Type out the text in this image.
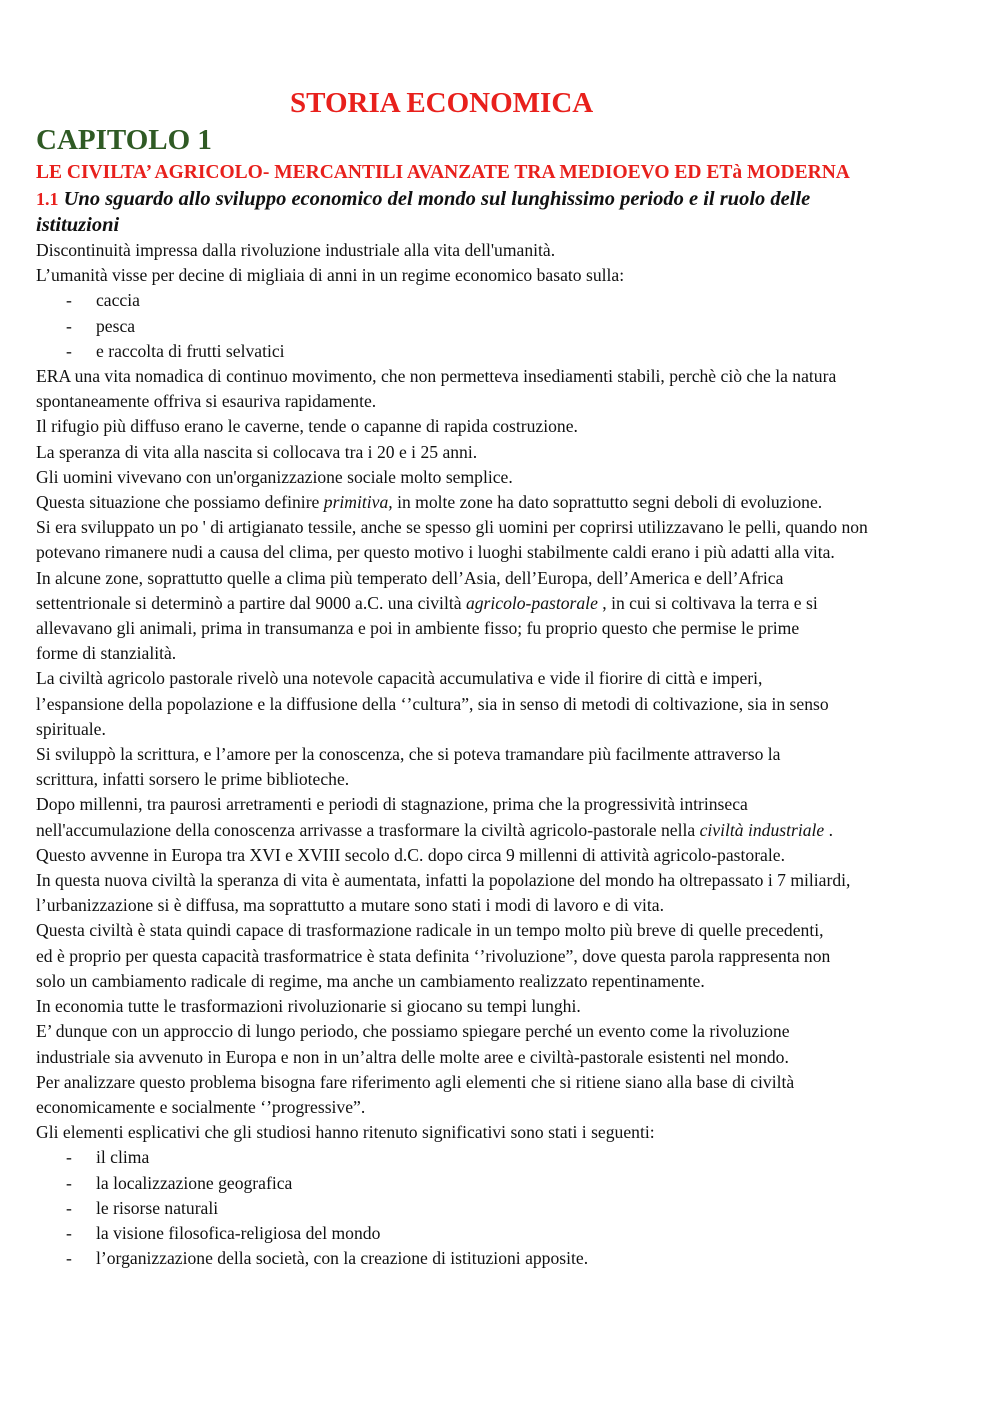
STORIA ECONOMICA
CAPITOLO 1
LE CIVILTA’ AGRICOLO- MERCANTILI AVANZATE TRA MEDIOEVO ED ETà MODERNA
1.1 Uno sguardo allo sviluppo economico del mondo sul lunghissimo periodo e il ruolo delle
istituzioni

Discontinuità impressa dalla rivoluzione industriale alla vita dell'umanità.

L’umanità visse per decine di migliaia di anni in un regime economico basato sulla:

- caccia

- pesca

- e raccolta di frutti selvatici

ERA una vita nomadica di continuo movimento, che non permetteva insediamenti stabili, perchè ciò che la natura

spontaneamente offriva si esauriva rapidamente.

Il rifugio più diffuso erano le caverne, tende o capanne di rapida costruzione.

La speranza di vita alla nascita si collocava tra i 20 e i 25 anni.

Gli uomini vivevano con un'organizzazione sociale molto semplice.

Questa situazione che possiamo definire primitiva, in molte zone ha dato soprattutto segni deboli di evoluzione.

Si era sviluppato un po ' di artigianato tessile, anche se spesso gli uomini per coprirsi utilizzavano le pelli, quando non

potevano rimanere nudi a causa del clima, per questo motivo i luoghi stabilmente caldi erano i più adatti alla vita.

In alcune zone, soprattutto quelle a clima più temperato dell’Asia, dell’Europa, dell’America e dell’Africa

settentrionale si determinò a partire dal 9000 a.C. una civiltà agricolo-pastorale , in cui si coltivava la terra e si

allevavano gli animali, prima in transumanza e poi in ambiente fisso; fu proprio questo che permise le prime

forme di stanzialità.

La civiltà agricolo pastorale rivelò una notevole capacità accumulativa e vide il fiorire di città e imperi,

l’espansione della popolazione e la diffusione della ‘’cultura”, sia in senso di metodi di coltivazione, sia in senso

spirituale.

Si sviluppò la scrittura, e l’amore per la conoscenza, che si poteva tramandare più facilmente attraverso la

scrittura, infatti sorsero le prime biblioteche.

Dopo millenni, tra paurosi arretramenti e periodi di stagnazione, prima che la progressività intrinseca

nell'accumulazione della conoscenza arrivasse a trasformare la civiltà agricolo-pastorale nella civiltà industriale .

Questo avvenne in Europa tra XVI e XVIII secolo d.C. dopo circa 9 millenni di attività agricolo-pastorale.

In questa nuova civiltà la speranza di vita è aumentata, infatti la popolazione del mondo ha oltrepassato i 7 miliardi,

l’urbanizzazione si è diffusa, ma soprattutto a mutare sono stati i modi di lavoro e di vita.

Questa civiltà è stata quindi capace di trasformazione radicale in un tempo molto più breve di quelle precedenti,

ed è proprio per questa capacità trasformatrice è stata definita ‘’rivoluzione”, dove questa parola rappresenta non

solo un cambiamento radicale di regime, ma anche un cambiamento realizzato repentinamente.

In economia tutte le trasformazioni rivoluzionarie si giocano su tempi lunghi.

E’ dunque con un approccio di lungo periodo, che possiamo spiegare perché un evento come la rivoluzione

industriale sia avvenuto in Europa e non in un’altra delle molte aree e civiltà-pastorale esistenti nel mondo.

Per analizzare questo problema bisogna fare riferimento agli elementi che si ritiene siano alla base di civiltà

economicamente e socialmente ‘’progressive”.

Gli elementi esplicativi che gli studiosi hanno ritenuto significativi sono stati i seguenti:

- il clima

- la localizzazione geografica

- le risorse naturali

- la visione filosofica-religiosa del mondo

- l’organizzazione della società, con la creazione di istituzioni apposite.
